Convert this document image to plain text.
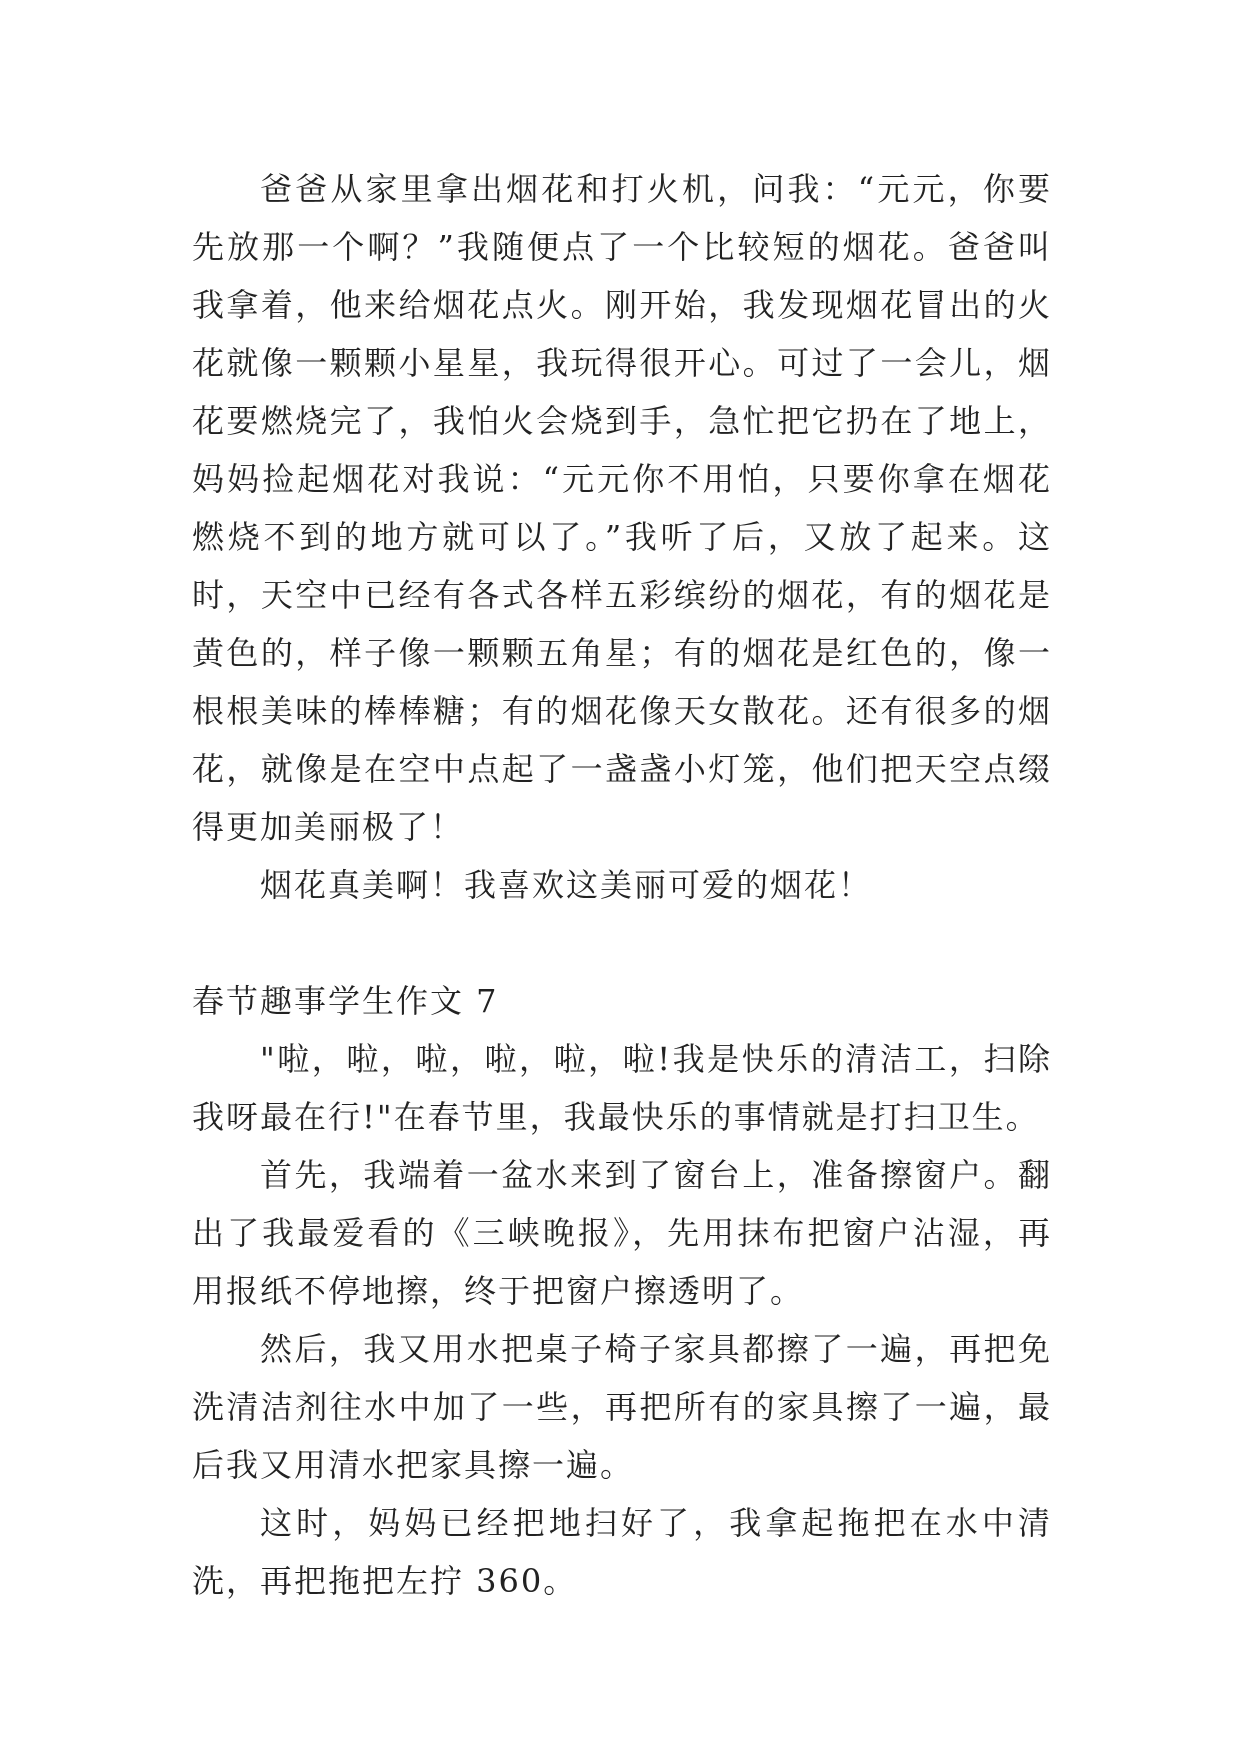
爸爸从家里拿出烟花和打火机，问我：“元元，你要先放那一个啊？”我随便点了一个比较短的烟花。爸爸叫我拿着，他来给烟花点火。刚开始，我发现烟花冒出的火花就像一颗颗小星星，我玩得很开心。可过了一会儿，烟花要燃烧完了，我怕火会烧到手，急忙把它扔在了地上，妈妈捡起烟花对我说：“元元你不用怕，只要你拿在烟花燃烧不到的地方就可以了。”我听了后，又放了起来。这时，天空中已经有各式各样五彩缤纷的烟花，有的烟花是黄色的，样子像一颗颗五角星；有的烟花是红色的，像一根根美味的棒棒糖；有的烟花像天女散花。还有很多的烟花，就像是在空中点起了一盏盏小灯笼，他们把天空点缀得更加美丽极了！

烟花真美啊！我喜欢这美丽可爱的烟花！

春节趣事学生作文 7

"啦，啦，啦，啦，啦，啦!我是快乐的清洁工，扫除我呀最在行!"在春节里，我最快乐的事情就是打扫卫生。

首先，我端着一盆水来到了窗台上，准备擦窗户。翻出了我最爱看的《三峡晚报》，先用抹布把窗户沾湿，再用报纸不停地擦，终于把窗户擦透明了。

然后，我又用水把桌子椅子家具都擦了一遍，再把免洗清洁剂往水中加了一些，再把所有的家具擦了一遍，最后我又用清水把家具擦一遍。

这时，妈妈已经把地扫好了，我拿起拖把在水中清洗，再把拖把左拧 360。
